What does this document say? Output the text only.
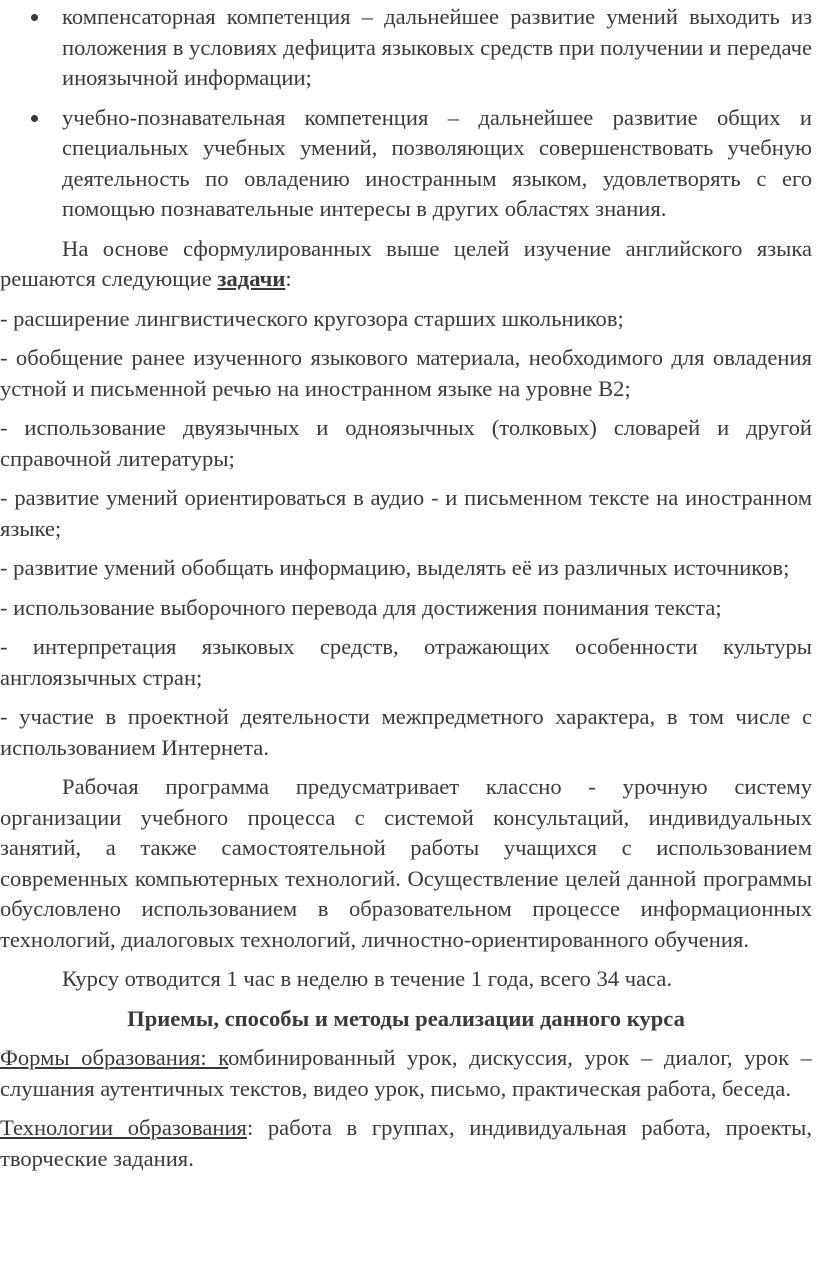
компенсаторная компетенция – дальнейшее развитие умений выходить из положения в условиях дефицита языковых средств при получении и передаче иноязычной информации;
учебно-познавательная компетенция – дальнейшее развитие общих и специальных учебных умений, позволяющих совершенствовать учебную деятельность по овладению иностранным языком, удовлетворять с его помощью познавательные интересы в других областях знания.

На основе сформулированных выше целей изучение английского языка решаются следующие задачи:

- расширение лингвистического кругозора старших школьников;

- обобщение ранее изученного языкового материала, необходимого для овладения устной и письменной речью на иностранном языке на уровне В2;

- использование двуязычных и одноязычных (толковых) словарей и другой справочной литературы;

- развитие умений ориентироваться в аудио - и письменном тексте на иностранном языке;

- развитие умений обобщать информацию, выделять её из различных источников;

- использование выборочного перевода для достижения понимания текста;

- интерпретация языковых средств, отражающих особенности культуры англоязычных стран;

- участие в проектной деятельности межпредметного характера, в том числе с использованием Интернета.

Рабочая программа предусматривает классно - урочную систему организации учебного процесса с системой консультаций, индивидуальных занятий, а также самостоятельной работы учащихся с использованием современных компьютерных технологий. Осуществление целей данной программы обусловлено использованием в образовательном процессе информационных технологий, диалоговых технологий, личностно-ориентированного обучения.

Курсу отводится 1 час в неделю в течение 1 года, всего 34 часа.

Приемы, способы и методы реализации данного курса

Формы образования: комбинированный урок, дискуссия, урок – диалог, урок – слушания аутентичных текстов, видео урок, письмо, практическая работа, беседа.

Технологии образования: работа в группах, индивидуальная работа, проекты, творческие задания.
